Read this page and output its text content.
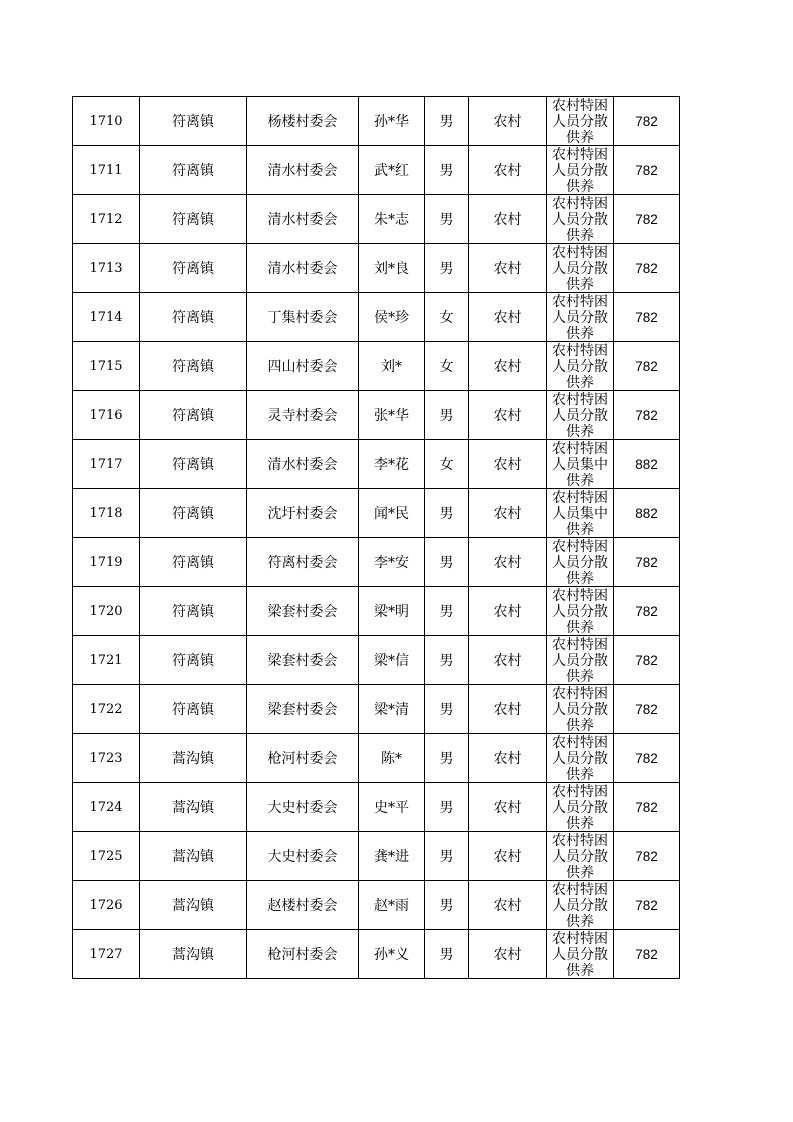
1710	符离镇	杨楼村委会	孙*华	男	农村	农村特困人员分散供养	782
1711	符离镇	清水村委会	武*红	男	农村	农村特困人员分散供养	782
1712	符离镇	清水村委会	朱*志	男	农村	农村特困人员分散供养	782
1713	符离镇	清水村委会	刘*良	男	农村	农村特困人员分散供养	782
1714	符离镇	丁集村委会	侯*珍	女	农村	农村特困人员分散供养	782
1715	符离镇	四山村委会	刘*	女	农村	农村特困人员分散供养	782
1716	符离镇	灵寺村委会	张*华	男	农村	农村特困人员分散供养	782
1717	符离镇	清水村委会	李*花	女	农村	农村特困人员集中供养	882
1718	符离镇	沈圩村委会	闻*民	男	农村	农村特困人员集中供养	882
1719	符离镇	符离村委会	李*安	男	农村	农村特困人员分散供养	782
1720	符离镇	梁套村委会	梁*明	男	农村	农村特困人员分散供养	782
1721	符离镇	梁套村委会	梁*信	男	农村	农村特困人员分散供养	782
1722	符离镇	梁套村委会	梁*清	男	农村	农村特困人员分散供养	782
1723	蒿沟镇	枪河村委会	陈*	男	农村	农村特困人员分散供养	782
1724	蒿沟镇	大史村委会	史*平	男	农村	农村特困人员分散供养	782
1725	蒿沟镇	大史村委会	龚*进	男	农村	农村特困人员分散供养	782
1726	蒿沟镇	赵楼村委会	赵*雨	男	农村	农村特困人员分散供养	782
1727	蒿沟镇	枪河村委会	孙*义	男	农村	农村特困人员分散供养	782
